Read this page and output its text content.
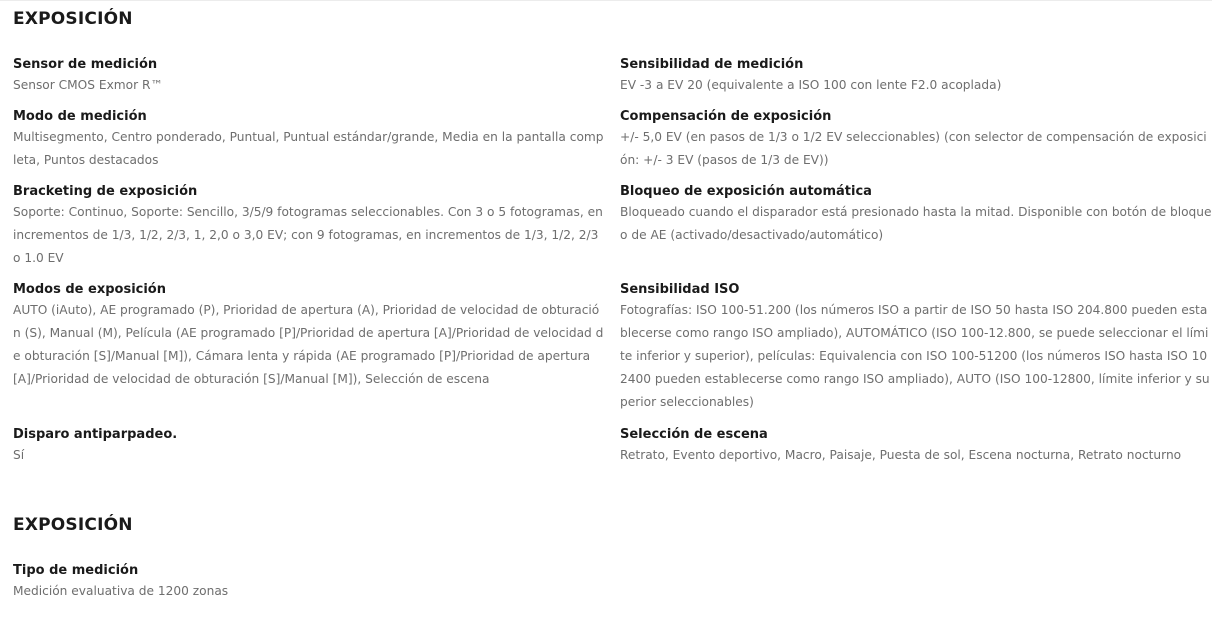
EXPOSICIÓN

Sensor de medición

Sensor CMOS Exmor R™

Sensibilidad de medición

EV -3 a EV 20 (equivalente a ISO 100 con lente F2.0 acoplada)

Modo de medición

Multisegmento, Centro ponderado, Puntual, Puntual estándar/grande, Media en la pantalla completa, Puntos destacados

Compensación de exposición

+/- 5,0 EV (en pasos de 1/3 o 1/2 EV seleccionables) (con selector de compensación de exposición: +/- 3 EV (pasos de 1/3 de EV))

Bracketing de exposición

Soporte: Continuo, Soporte: Sencillo, 3/5/9 fotogramas seleccionables. Con 3 o 5 fotogramas, en incrementos de 1/3, 1/2, 2/3, 1, 2,0 o 3,0 EV; con 9 fotogramas, en incrementos de 1/3, 1/2, 2/3 o 1.0 EV

Bloqueo de exposición automática

Bloqueado cuando el disparador está presionado hasta la mitad. Disponible con botón de bloqueo de AE (activado/desactivado/automático)

Modos de exposición

AUTO (iAuto), AE programado (P), Prioridad de apertura (A), Prioridad de velocidad de obturación (S), Manual (M), Película (AE programado [P]/Prioridad de apertura [A]/Prioridad de velocidad de obturación [S]/Manual [M]), Cámara lenta y rápida (AE programado [P]/Prioridad de apertura [A]/Prioridad de velocidad de obturación [S]/Manual [M]), Selección de escena

Sensibilidad ISO

Fotografías: ISO 100-51.200 (los números ISO a partir de ISO 50 hasta ISO 204.800 pueden establecerse como rango ISO ampliado), AUTOMÁTICO (ISO 100-12.800, se puede seleccionar el límite inferior y superior), películas: Equivalencia con ISO 100-51200 (los números ISO hasta ISO 102400 pueden establecerse como rango ISO ampliado), AUTO (ISO 100-12800, límite inferior y superior seleccionables)

Disparo antiparpadeo.

Sí

Selección de escena

Retrato, Evento deportivo, Macro, Paisaje, Puesta de sol, Escena nocturna, Retrato nocturno

EXPOSICIÓN

Tipo de medición

Medición evaluativa de 1200 zonas
